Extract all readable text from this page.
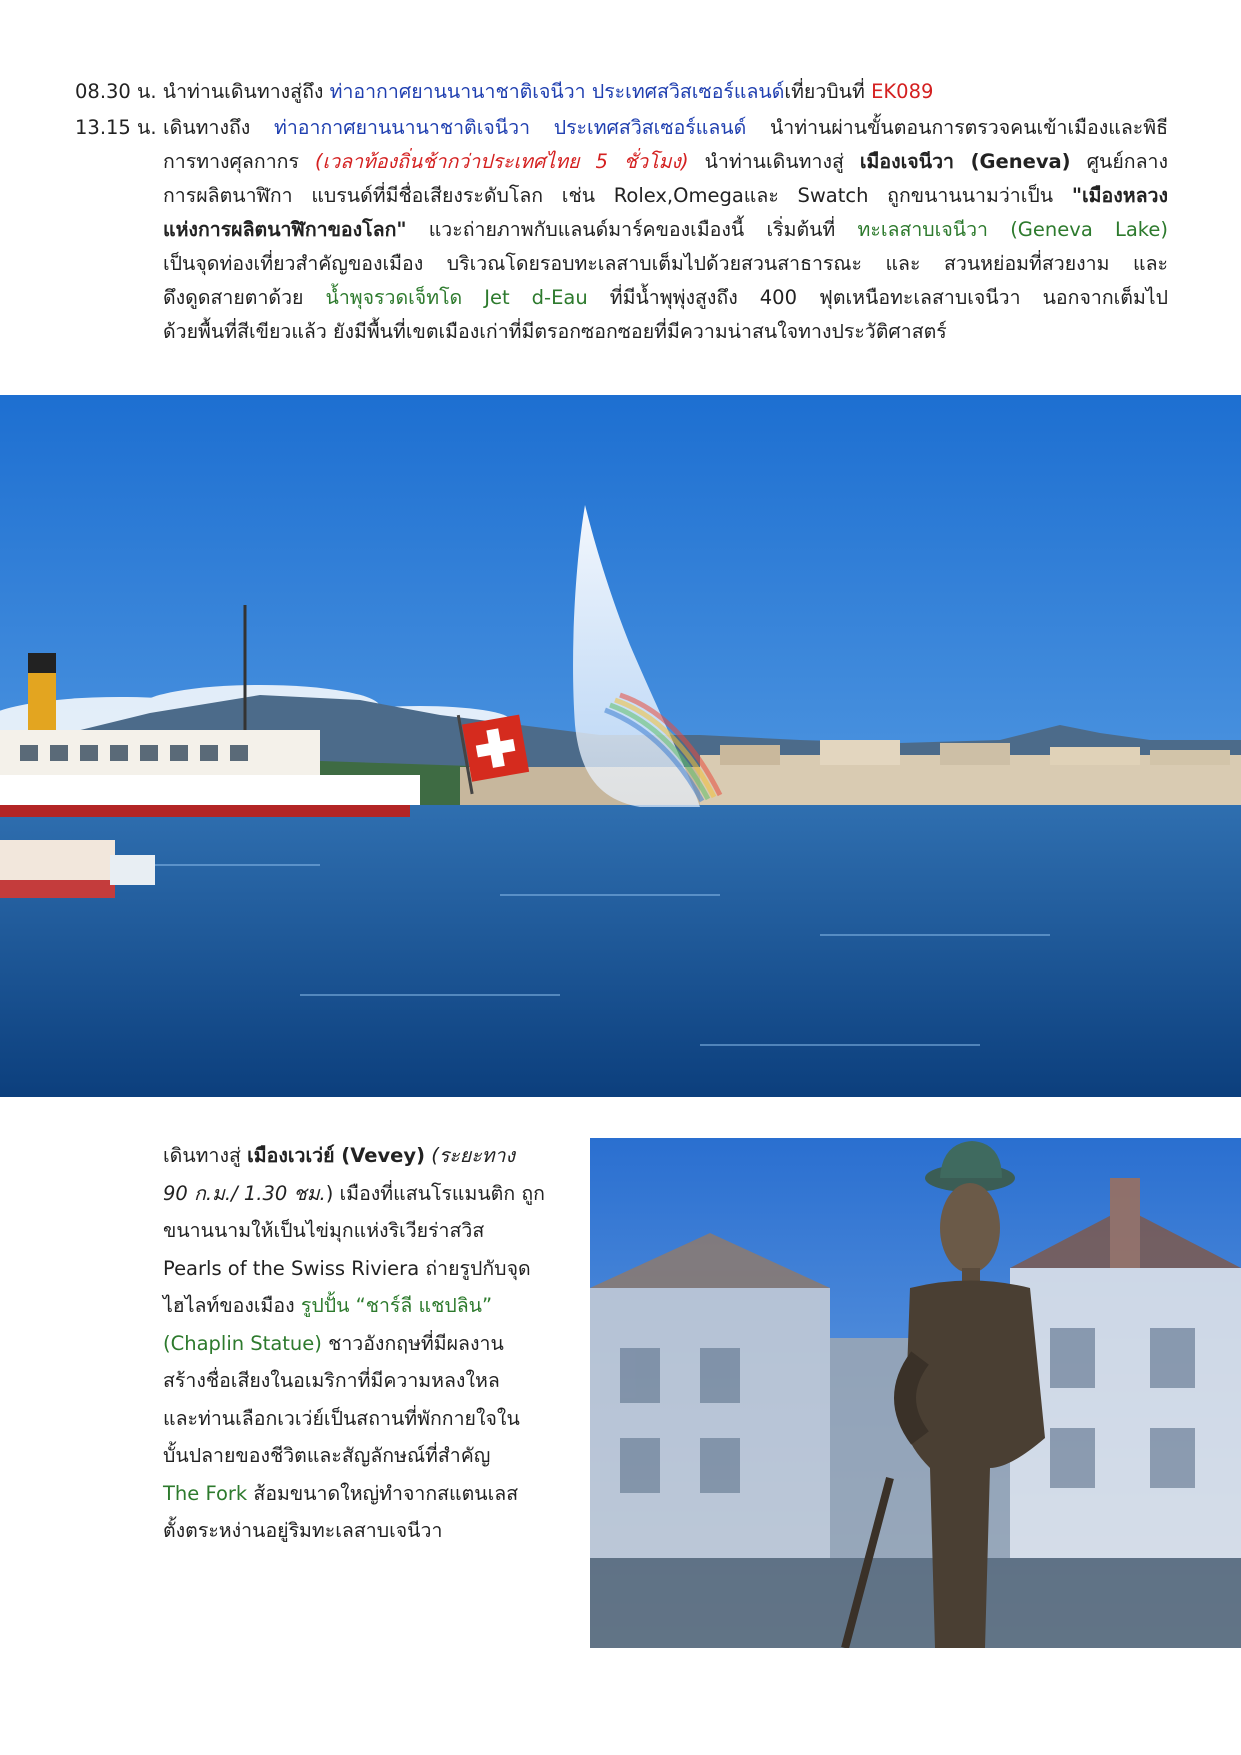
08.30 น. นำท่านเดินทางสู่ถึง ท่าอากาศยานนานาชาติเจนีวา ประเทศสวิสเซอร์แลนด์เที่ยวบินที่ EK089
13.15 น. เดินทางถึง ท่าอากาศยานนานาชาติเจนีวา ประเทศสวิสเซอร์แลนด์ นำท่านผ่านขั้นตอนการตรวจคนเข้าเมืองและพิธี
การทางศุลกากร (เวลาท้องถิ่นช้ากว่าประเทศไทย 5 ชั่วโมง) นำท่านเดินทางสู่ เมืองเจนีวา (Geneva) ศูนย์กลาง
การผลิตนาฬิกา แบรนด์ที่มีชื่อเสียงระดับโลก เช่น Rolex,Omegaและ Swatch ถูกขนานนามว่าเป็น "เมืองหลวง
แห่งการผลิตนาฬิกาของโลก" แวะถ่ายภาพกับแลนด์มาร์คของเมืองนี้ เริ่มต้นที่ ทะเลสาบเจนีวา (Geneva Lake)
เป็นจุดท่องเที่ยวสำคัญของเมือง บริเวณโดยรอบทะเลสาบเต็มไปด้วยสวนสาธารณะ และ สวนหย่อมที่สวยงาม และ
ดึงดูดสายตาด้วย น้ำพุจรวดเจ็ทโด Jet d-Eau ที่มีน้ำพุพุ่งสูงถึง 400 ฟุตเหนือทะเลสาบเจนีวา นอกจากเต็มไป
ด้วยพื้นที่สีเขียวแล้ว ยังมีพื้นที่เขตเมืองเก่าที่มีตรอกซอกซอยที่มีความน่าสนใจทางประวัติศาสตร์
เดินทางสู่ เมืองเวเว่ย์ (Vevey) (ระยะทาง
90 ก.ม./ 1.30 ชม.) เมืองที่แสนโรแมนติก ถูก
ขนานนามให้เป็นไข่มุกแห่งริเวียร่าสวิส
Pearls of the Swiss Riviera ถ่ายรูปกับจุด
ไฮไลท์ของเมือง รูปปั้น “ชาร์ลี แชปลิน”
(Chaplin Statue) ชาวอังกฤษที่มีผลงาน
สร้างชื่อเสียงในอเมริกาที่มีความหลงใหล
และท่านเลือกเวเว่ย์เป็นสถานที่พักกายใจใน
บั้นปลายของชีวิตและสัญลักษณ์ที่สำคัญ
The Fork ส้อมขนาดใหญ่ทำจากสแตนเลส
ตั้งตระหง่านอยู่ริมทะเลสาบเจนีวา
